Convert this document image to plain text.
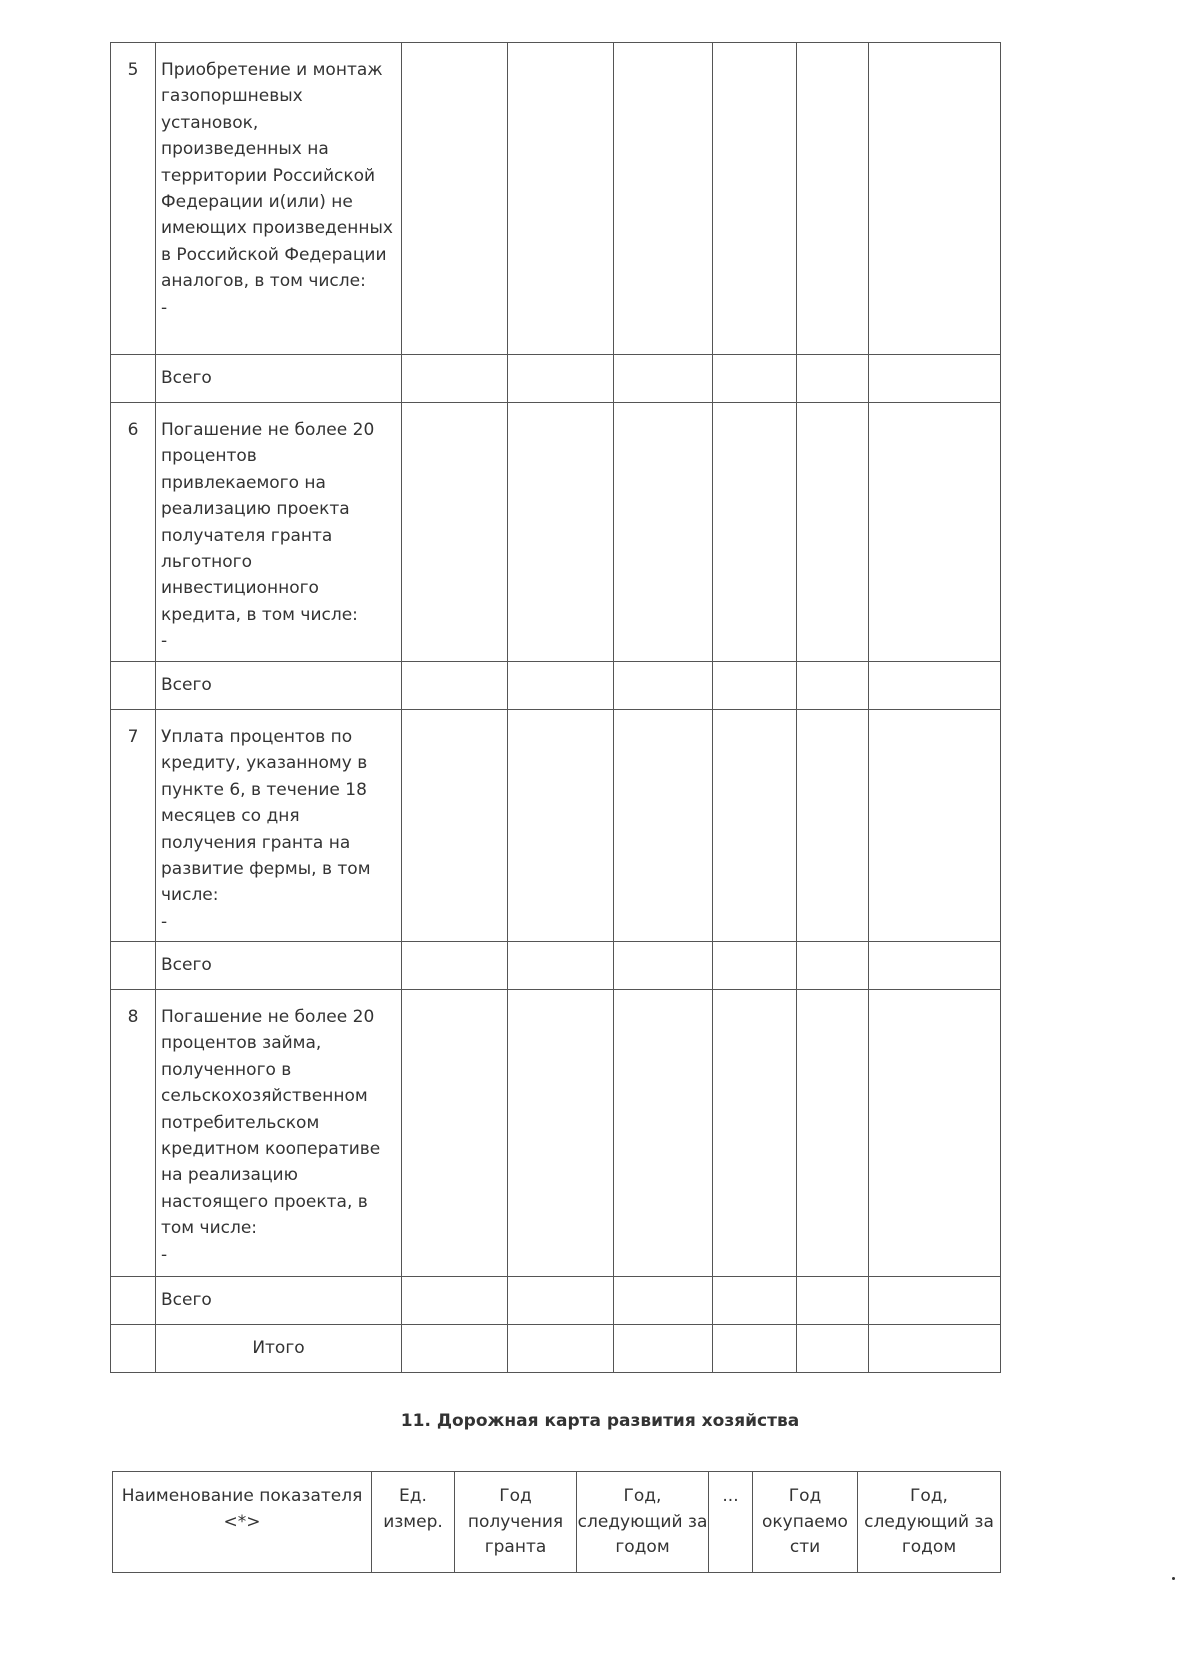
5	Приобретение и монтаж газопоршневых установок, произведенных на территории Российской Федерации и(или) не имеющих произведенных в Российской Федерации аналогов, в том числе:
-						

	Всего						
6	Погашение не более 20 процентов привлекаемого на реализацию проекта получателя гранта льготного инвестиционного кредита, в том числе:
-						

	Всего						
7	Уплата процентов по кредиту, указанному в пункте 6, в течение 18 месяцев со дня получения гранта на развитие фермы, в том числе:
-						

	Всего						
8	Погашение не более 20 процентов займа, полученного в сельскохозяйственном потребительском кредитном кооперативе на реализацию настоящего проекта, в том числе:
-						

	Всего						
	Итого						
11. Дорожная карта развития хозяйства
Наименование показателя <*>	Ед. измер.	Год получения гранта	Год, следующий за годом	...	Год окупаемо сти	Год, следующий за годом
